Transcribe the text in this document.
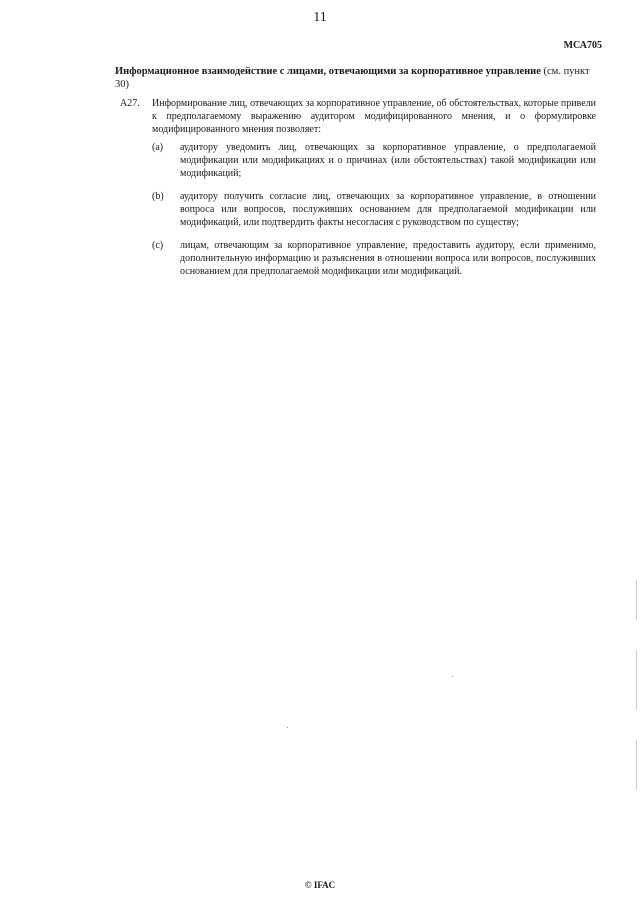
11
МСА705
Информационное взаимодействие с лицами, отвечающими за корпоративное управление (см. пункт 30)
A27. Информирование лиц, отвечающих за корпоративное управление, об обстоятельствах, которые привели к предполагаемому выражению аудитором модифицированного мнения, и о формулировке модифицированного мнения позволяет:
(a) аудитору уведомить лиц, отвечающих за корпоративное управление, о предполагаемой модификации или модификациях и о причинах (или обстоятельствах) такой модификации или модификаций;
(b) аудитору получить согласие лиц, отвечающих за корпоративное управление, в отношении вопроса или вопросов, послуживших основанием для предполагаемой модификации или модификаций, или подтвердить факты несогласия с руководством по существу;
(c) лицам, отвечающим за корпоративное управление, предоставить аудитору, если применимо, дополнительную информацию и разъяснения в отношении вопроса или вопросов, послуживших основанием для предполагаемой модификации или модификаций.
© IFAC
